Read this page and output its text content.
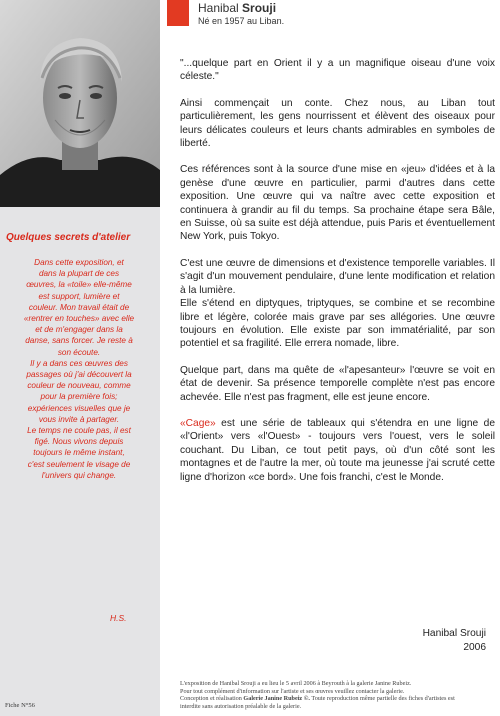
Quelques secrets d'atelier

Dans cette exposition, et

dans la plupart de ces

œuvres, la «toile» elle-même

est support, lumière et

couleur. Mon travail était de

«rentrer en touches» avec elle

et de m'engager dans la

danse, sans forcer. Je reste à

son écoute.

Il y a dans ces œuvres des

passages où j'ai découvert la

couleur de nouveau, comme

pour la première fois;

expériences visuelles que je

vous invite à partager.

Le temps ne coule pas, il est

figé. Nous vivons depuis

toujours le même instant,

c'est seulement le visage de

l'univers qui change.

H.S.
Fiche N°56
Hanibal Srouji
Né en 1957 au Liban.

"...quelque part en Orient il y a un magnifique oiseau d'une voix céleste."

Ainsi commençait un conte. Chez nous, au Liban tout particulièrement, les gens nourrissent et élèvent des oiseaux pour leurs délicates couleurs et leurs chants admirables en symboles de liberté.

Ces références sont à la source d'une mise en «jeu» d'idées et à la genèse d'une œuvre en particulier, parmi d'autres dans cette exposition. Une œuvre qui va naître avec cette exposition et continuera à grandir au fil du temps. Sa prochaine étape sera Bâle, en Suisse, où sa suite est déjà attendue, puis Paris et éventuellement New York, puis Tokyo.

C'est une œuvre de dimensions et d'existence temporelle variables. Il s'agit d'un mouvement pendulaire, d'une lente modification et relation à la lumière.

Elle s'étend en diptyques, triptyques, se combine et se recombine libre et légère, colorée mais grave par ses allégories. Une œuvre toujours en évolution. Elle existe par son immatérialité, par son potentiel et sa fragilité. Elle errera nomade, libre.

Quelque part, dans ma quête de «l'apesanteur» l'œuvre se voit en état de devenir. Sa présence temporelle complète n'est pas encore achevée. Elle n'est pas fragment, elle est jeune encore.

«Cage» est une série de tableaux qui s'étendra en une ligne de «l'Orient» vers «l'Ouest» - toujours vers l'ouest, vers le soleil couchant. Du Liban, ce tout petit pays, où d'un côté sont les montagnes et de l'autre la mer, où toute ma jeunesse j'ai scruté cette ligne d'horizon «ce bord». Une fois franchi, c'est le Monde.

Hanibal Srouji
2006
L'exposition de Hanibal Srouji a eu lieu le 5 avril 2006 à Beyrouth à la galerie Janine Rubeiz.
Pour tout complément d'information sur l'artiste et ses œuvres veuillez contacter la galerie.
Conception et réalisation Galerie Janine Rubeiz ©. Toute reproduction même partielle des fiches d'artistes est
interdite sans autorisation préalable de la galerie.
